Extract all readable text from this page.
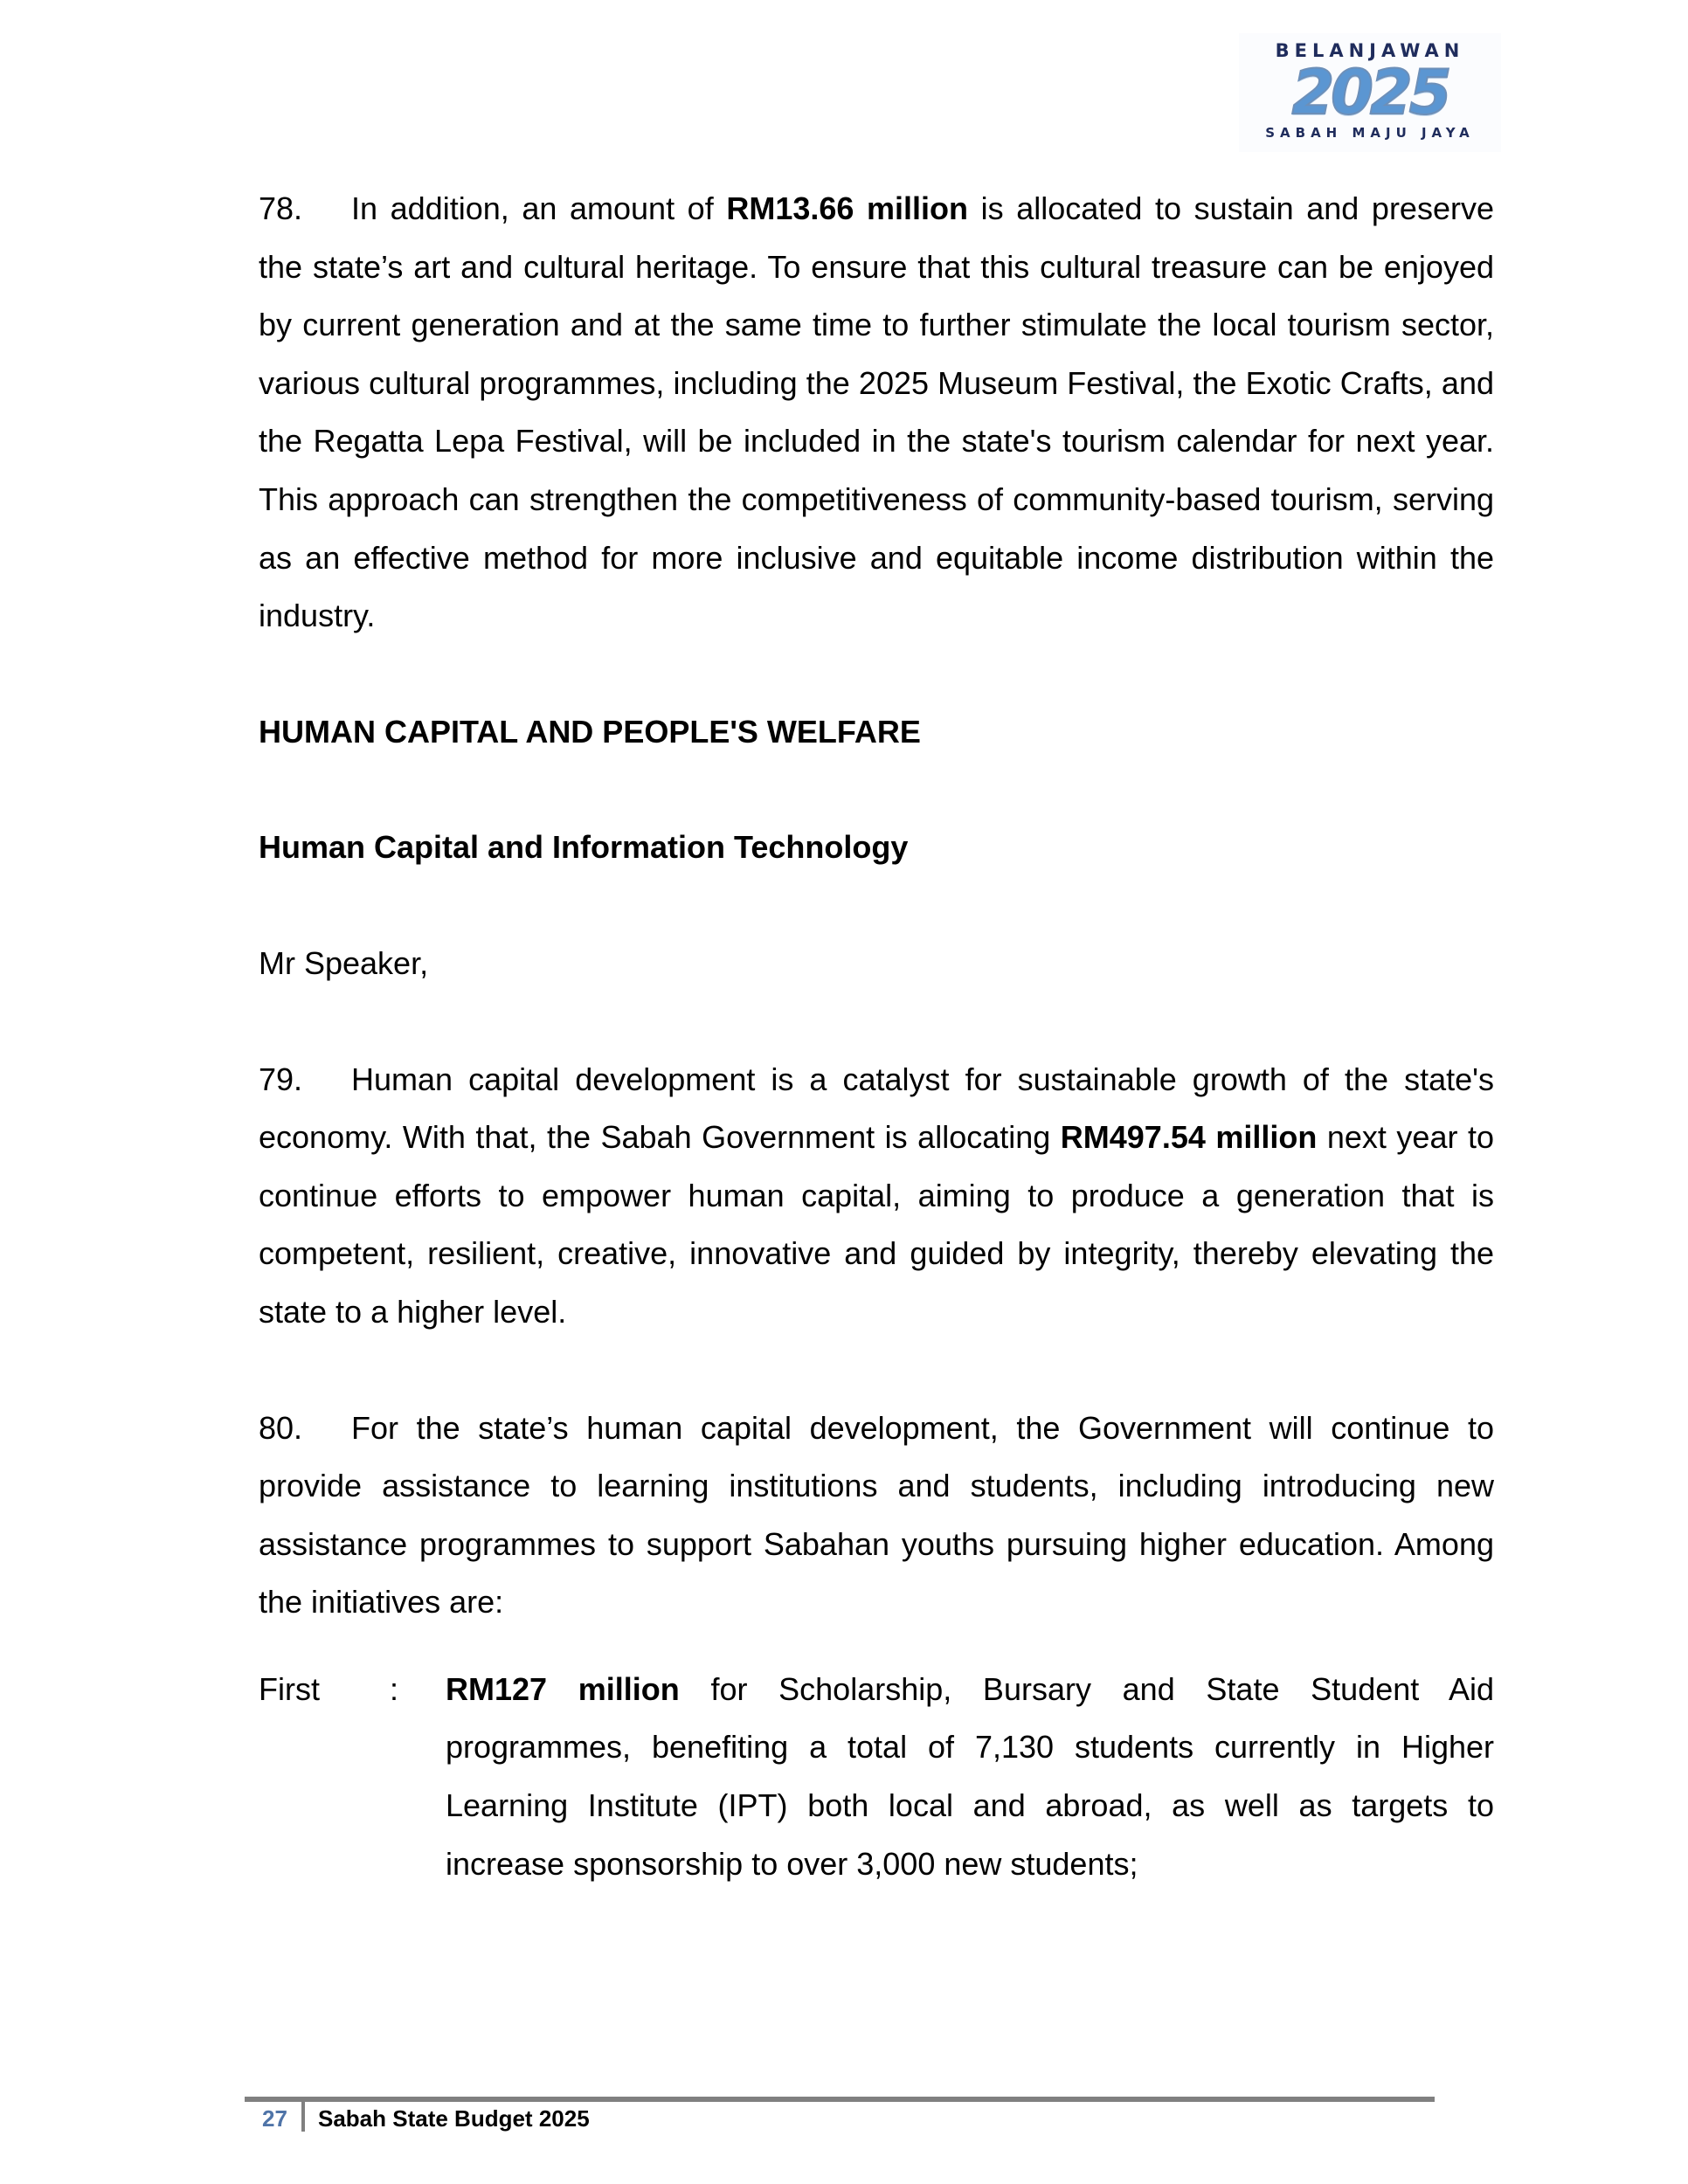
BELANJAWAN
2025
SABAH MAJU JAYA

78. In addition, an amount of RM13.66 million is allocated to sustain and preserve the state’s art and cultural heritage. To ensure that this cultural treasure can be enjoyed by current generation and at the same time to further stimulate the local tourism sector, various cultural programmes, including the 2025 Museum Festival, the Exotic Crafts, and the Regatta Lepa Festival, will be included in the state's tourism calendar for next year. This approach can strengthen the competitiveness of community-based tourism, serving as an effective method for more inclusive and equitable income distribution within the industry.

HUMAN CAPITAL AND PEOPLE'S WELFARE

Human Capital and Information Technology

Mr Speaker,

79. Human capital development is a catalyst for sustainable growth of the state's economy. With that, the Sabah Government is allocating RM497.54 million next year to continue efforts to empower human capital, aiming to produce a generation that is competent, resilient, creative, innovative and guided by integrity, thereby elevating the state to a higher level.

80. For the state’s human capital development, the Government will continue to provide assistance to learning institutions and students, including introducing new assistance programmes to support Sabahan youths pursuing higher education. Among the initiatives are:

First	:	RM127 million for Scholarship, Bursary and State Student Aid programmes, benefiting a total of 7,130 students currently in Higher Learning Institute (IPT) both local and abroad, as well as targets to increase sponsorship to over 3,000 new students;
27 Sabah State Budget 2025
